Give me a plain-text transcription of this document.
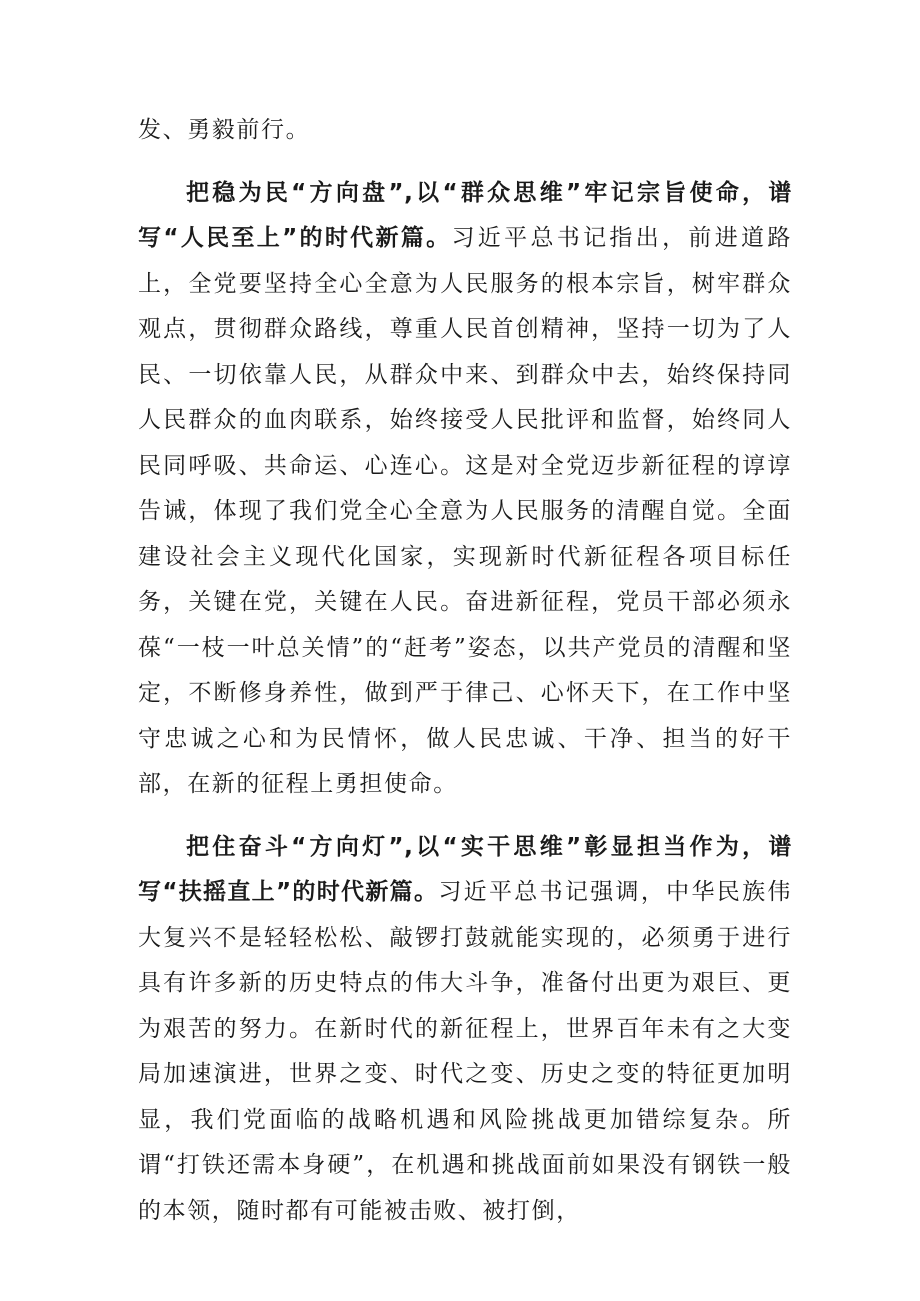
发、勇毅前行。

把稳为民“方向盘”,以“群众思维”牢记宗旨使命，谱写“人民至上”的时代新篇。习近平总书记指出，前进道路上，全党要坚持全心全意为人民服务的根本宗旨，树牢群众观点，贯彻群众路线，尊重人民首创精神，坚持一切为了人民、一切依靠人民，从群众中来、到群众中去，始终保持同人民群众的血肉联系，始终接受人民批评和监督，始终同人民同呼吸、共命运、心连心。这是对全党迈步新征程的谆谆告诫，体现了我们党全心全意为人民服务的清醒自觉。全面建设社会主义现代化国家，实现新时代新征程各项目标任务，关键在党，关键在人民。奋进新征程，党员干部必须永葆“一枝一叶总关情”的“赶考”姿态，以共产党员的清醒和坚定，不断修身养性，做到严于律己、心怀天下，在工作中坚守忠诚之心和为民情怀，做人民忠诚、干净、担当的好干部，在新的征程上勇担使命。

把住奋斗“方向灯”,以“实干思维”彰显担当作为，谱写“扶摇直上”的时代新篇。习近平总书记强调，中华民族伟大复兴不是轻轻松松、敲锣打鼓就能实现的，必须勇于进行具有许多新的历史特点的伟大斗争，准备付出更为艰巨、更为艰苦的努力。在新时代的新征程上，世界百年未有之大变局加速演进，世界之变、时代之变、历史之变的特征更加明显，我们党面临的战略机遇和风险挑战更加错综复杂。所谓“打铁还需本身硬”，在机遇和挑战面前如果没有钢铁一般的本领，随时都有可能被击败、被打倒，
